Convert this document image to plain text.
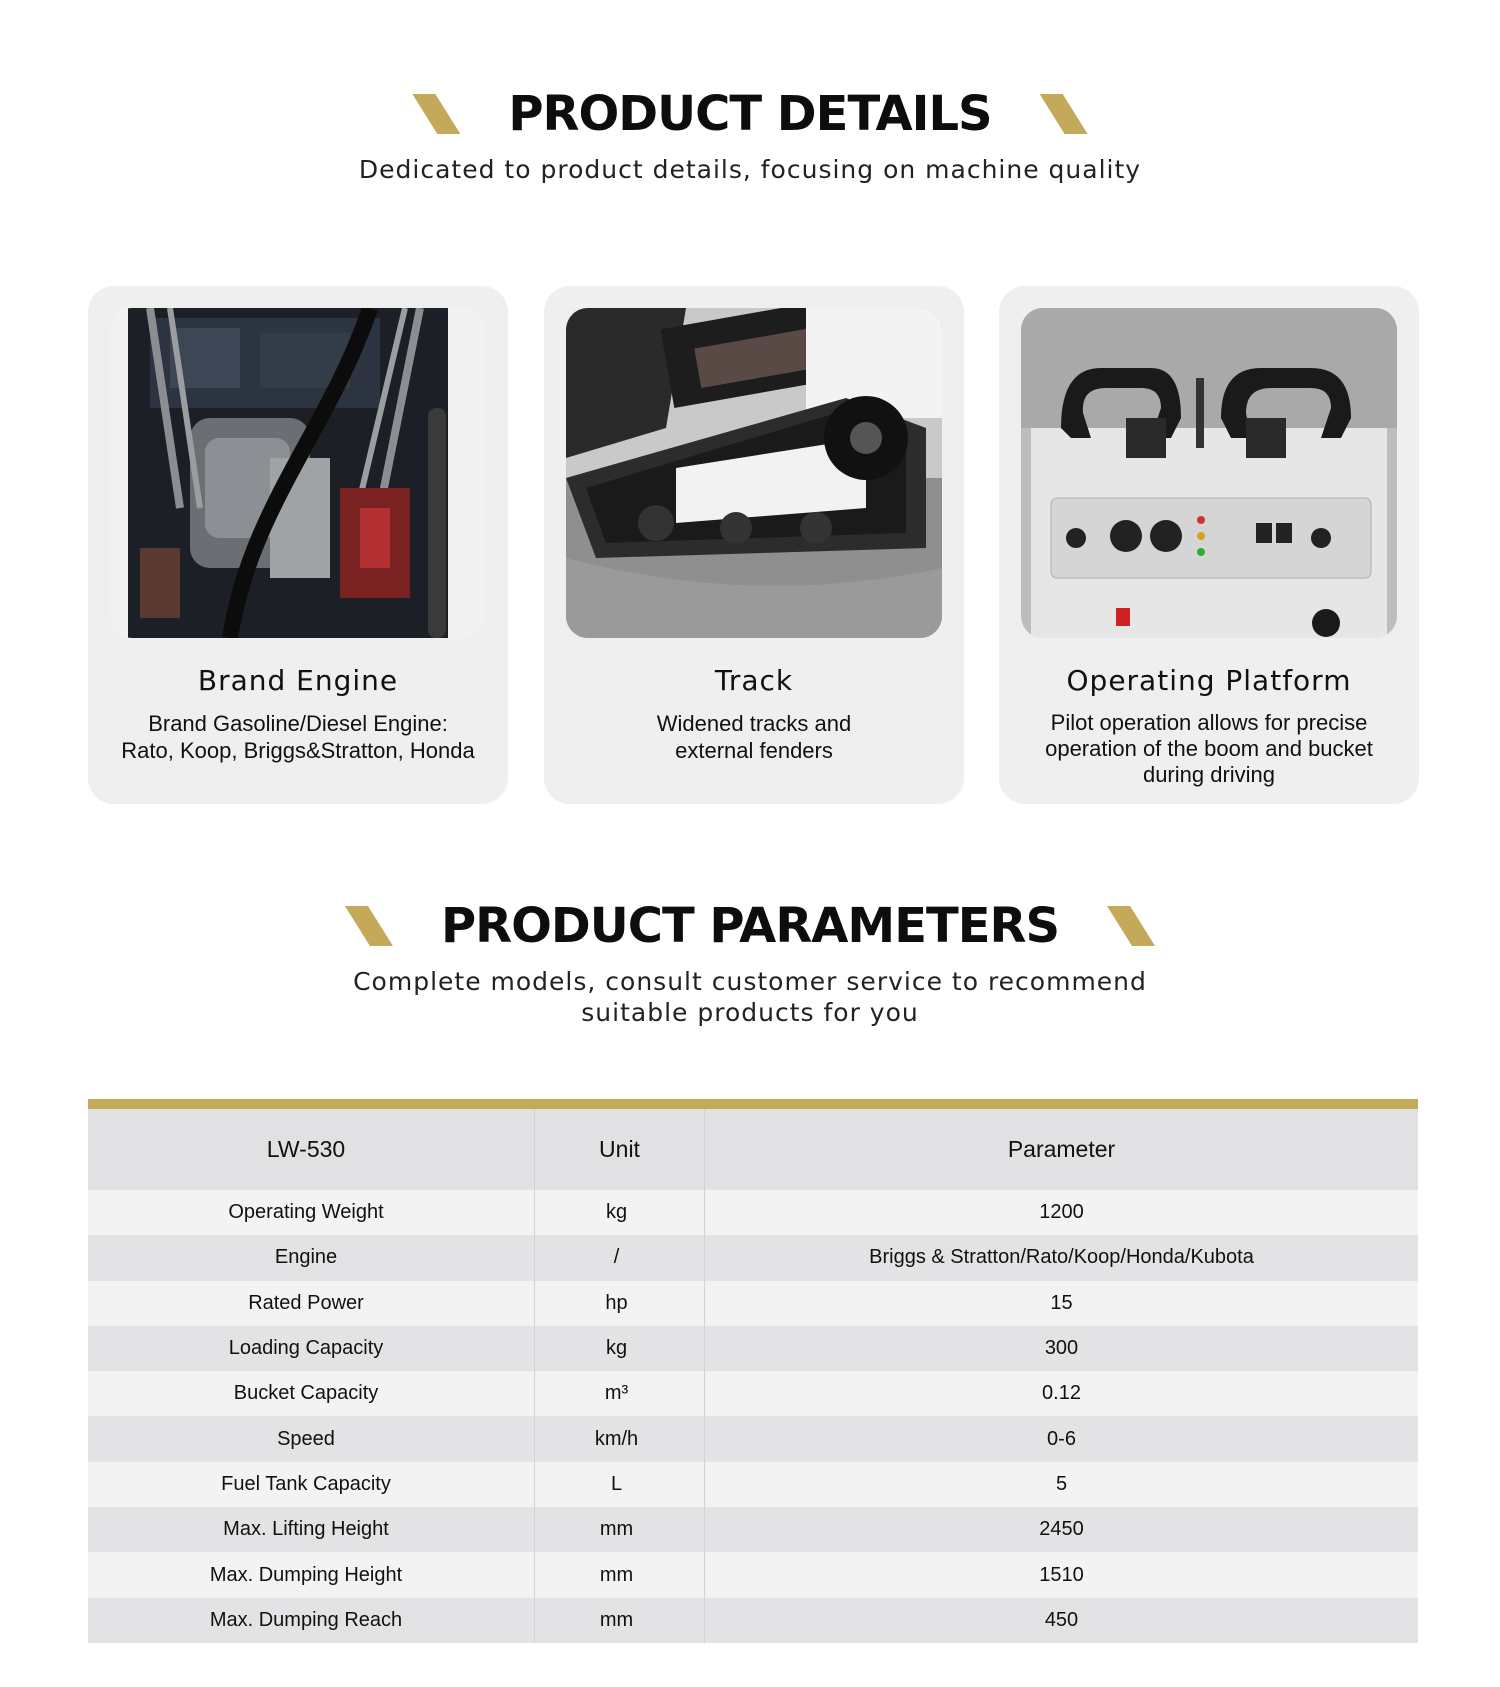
PRODUCT DETAILS
Dedicated to product details, focusing on machine quality
Brand Engine
Brand Gasoline/Diesel Engine:
Rato, Koop, Briggs&Stratton, Honda
Track
Widened tracks and
external fenders
Operating Platform
Pilot operation allows for precise
operation of the boom and bucket
during driving
PRODUCT PARAMETERS
Complete models, consult customer service to recommend suitable products for you
LW-530	Unit	Parameter
Operating Weight	kg	1200
Engine	/	Briggs & Stratton/Rato/Koop/Honda/Kubota
Rated Power	hp	15
Loading Capacity	kg	300
Bucket Capacity	m³	0.12
Speed	km/h	0-6
Fuel Tank Capacity	L	5
Max. Lifting Height	mm	2450
Max. Dumping Height	mm	1510
Max. Dumping Reach	mm	450
